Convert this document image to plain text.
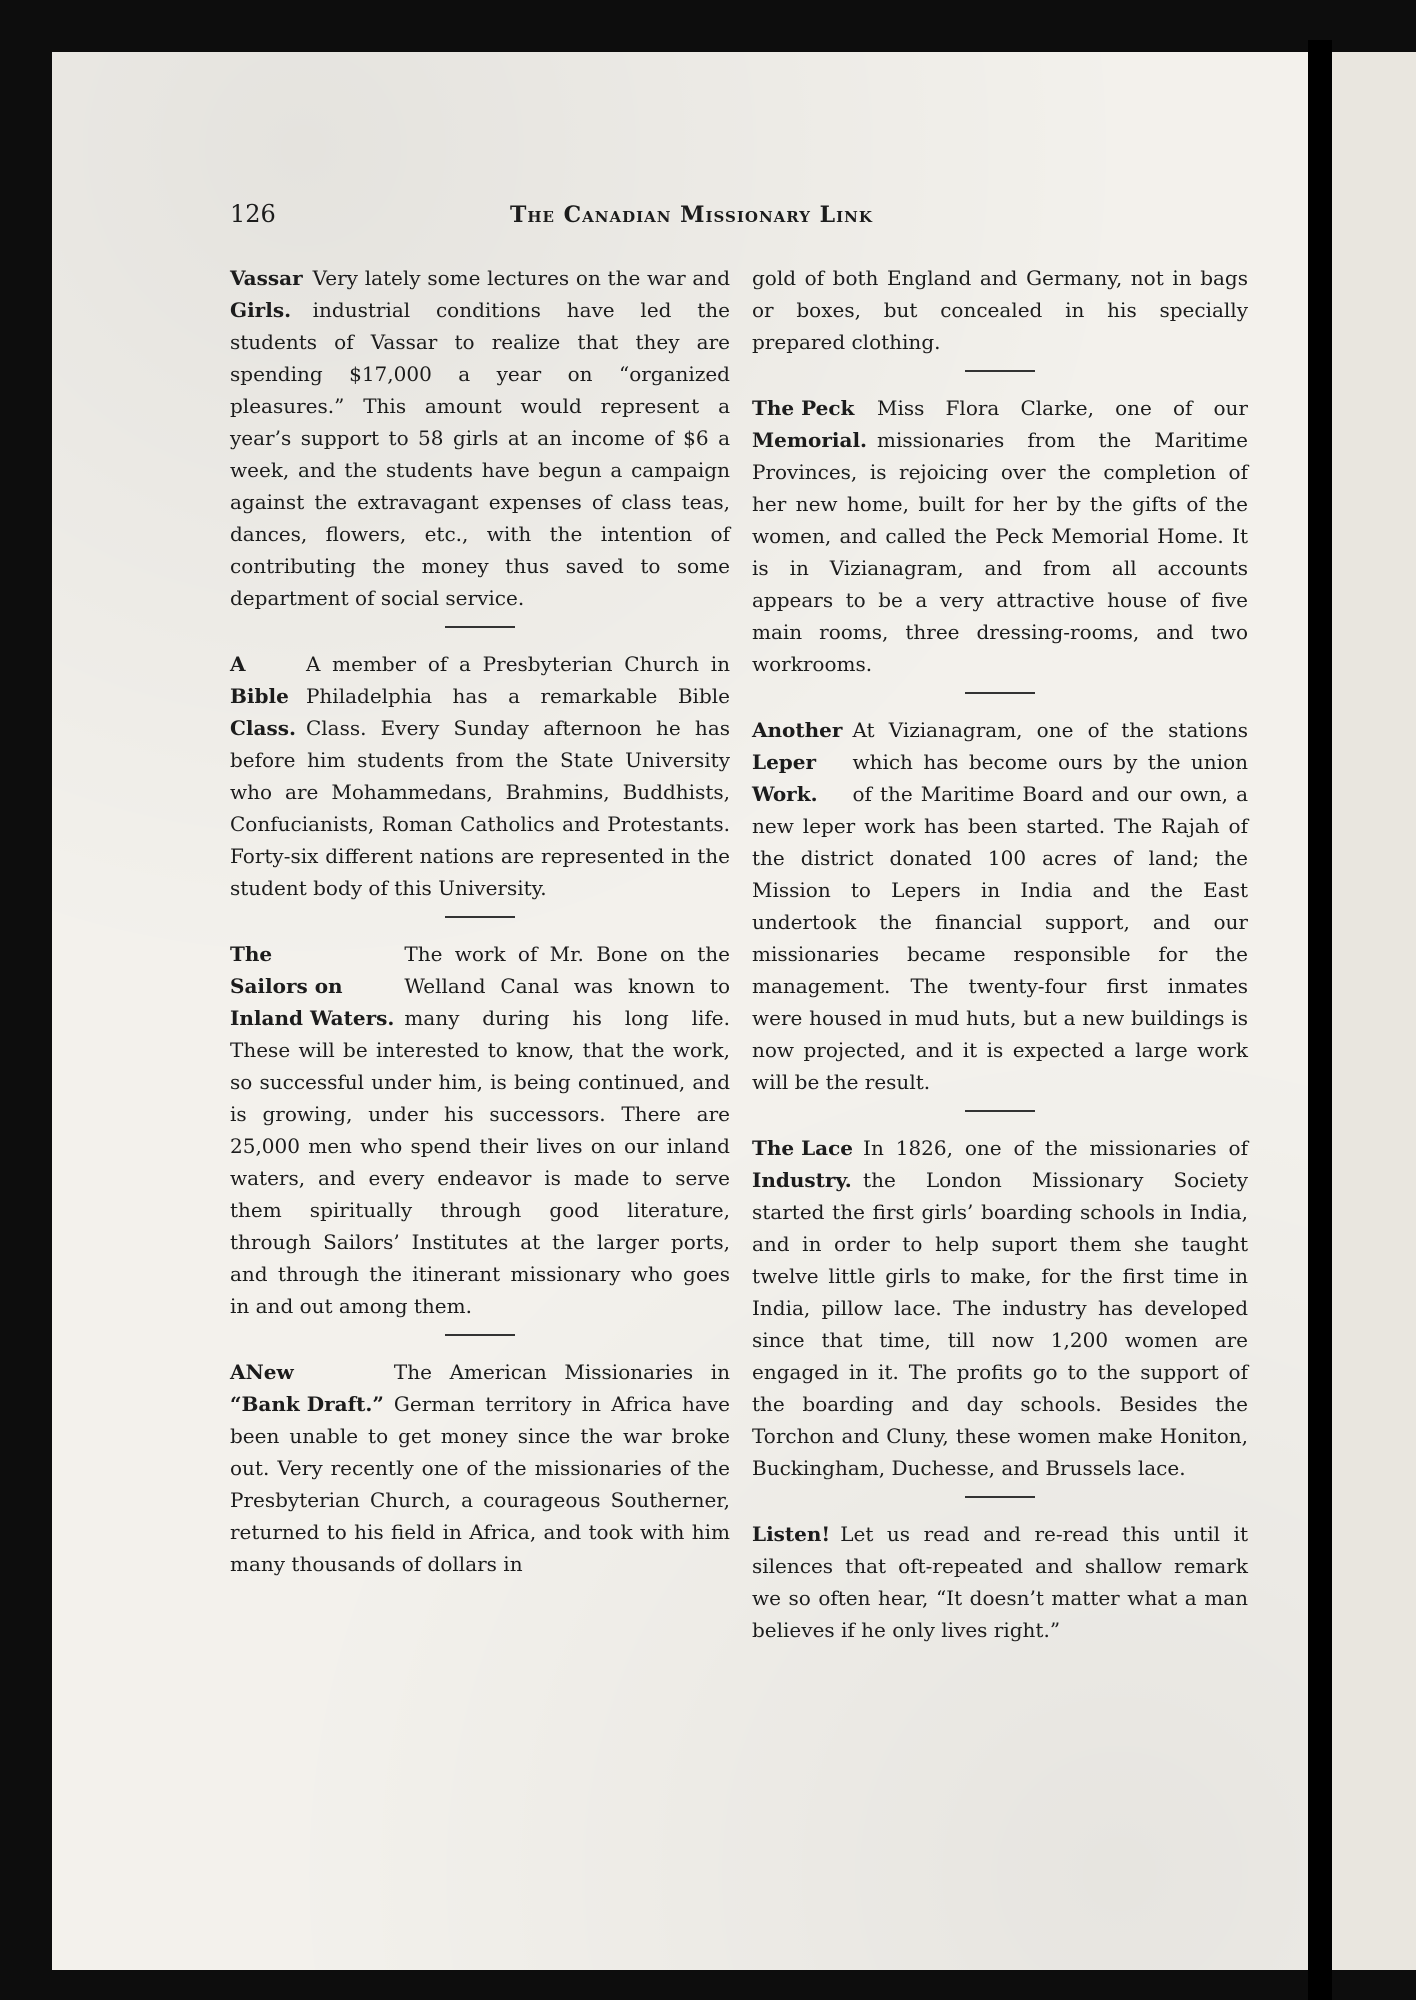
126	The Canadian Missionary Link
Vassar
Girls.

Very lately some lectures on the war and industrial conditions have led the students of Vassar to realize that they are spending $17,000 a year on “organized pleasures.” This amount would represent a year’s support to 58 girls at an income of $6 a week, and the students have begun a campaign against the extravagant expenses of class teas, dances, flowers, etc., with the intention of contributing the money thus saved to some department of social service.

A
Bible
Class.

A member of a Presbyterian Church in Philadelphia has a remarkable Bible Class. Every Sunday afternoon he has before him students from the State University who are Mohammedans, Brahmins, Buddhists, Confucianists, Roman Catholics and Protestants. Forty-six different nations are represented in the student body of this University.

The
Sailors on
Inland Waters.

The work of Mr. Bone on the Welland Canal was known to many during his long life. These will be interested to know, that the work, so successful under him, is being continued, and is growing, under his successors. There are 25,000 men who spend their lives on our inland waters, and every endeavor is made to serve them spiritually through good literature, through Sailors’ Institutes at the larger ports, and through the itinerant missionary who goes in and out among them.

ANew
“Bank Draft.”

The American Missionaries in German territory in Africa have been unable to get money since the war broke out. Very recently one of the missionaries of the Presbyterian Church, a courageous Southerner, returned to his field in Africa, and took with him many thousands of dollars in

gold of both England and Germany, not in bags or boxes, but concealed in his specially prepared clothing.

The Peck
Memorial.

Miss Flora Clarke, one of our missionaries from the Maritime Provinces, is rejoicing over the completion of her new home, built for her by the gifts of the women, and called the Peck Memorial Home. It is in Vizianagram, and from all accounts appears to be a very attractive house of five main rooms, three dressing-rooms, and two workrooms.

Another
Leper
Work.

At Vizianagram, one of the stations which has become ours by the union of the Maritime Board and our own, a new leper work has been started. The Rajah of the district donated 100 acres of land; the Mission to Lepers in India and the East undertook the financial support, and our missionaries became responsible for the management. The twenty-four first inmates were housed in mud huts, but a new buildings is now projected, and it is expected a large work will be the result.

The Lace
Industry.

In 1826, one of the missionaries of the London Missionary Society started the first girls’ boarding schools in India, and in order to help suport them she taught twelve little girls to make, for the first time in India, pillow lace. The industry has developed since that time, till now 1,200 women are engaged in it. The profits go to the support of the boarding and day schools. Besides the Torchon and Cluny, these women make Honiton, Buckingham, Duchesse, and Brussels lace.

Listen! Let us read and re-read this until it silences that oft-repeated and shallow remark we so often hear, “It doesn’t matter what a man believes if he only lives right.”
